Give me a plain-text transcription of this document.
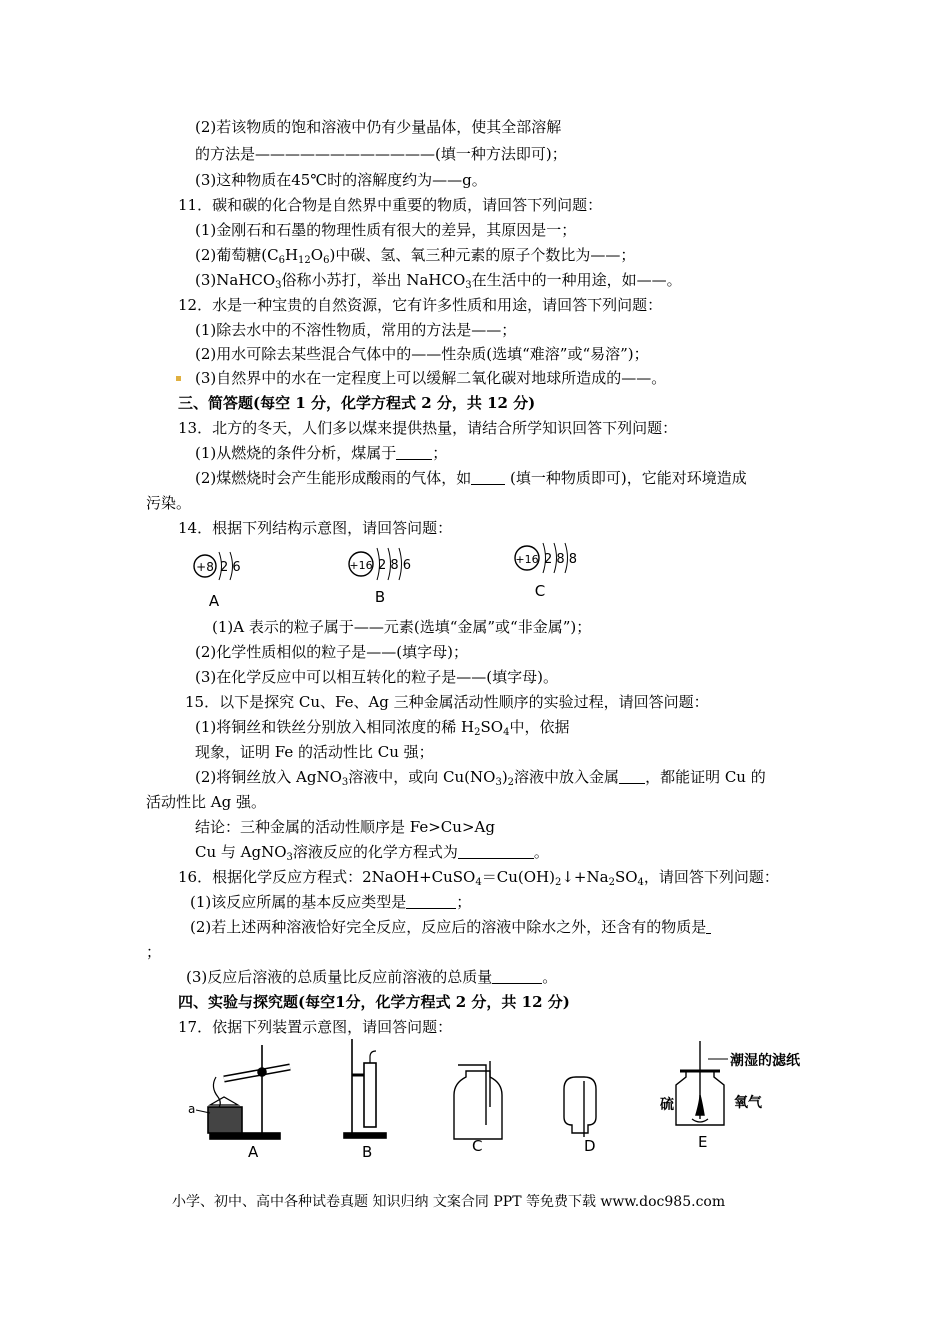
(2)若该物质的饱和溶液中仍有少量晶体，使其全部溶解
的方法是————————————(填一种方法即可)；
(3)这种物质在45℃时的溶解度约为——g。
11．碳和碳的化合物是自然界中重要的物质，请回答下列问题：
(1)金刚石和石墨的物理性质有很大的差异，其原因是一；
(2)葡萄糖$(C_6H_{12}O_6)$中碳、氢、氧三种元素的原子个数比为——；
(3)NaHCO$_3$俗称小苏打，举出 NaHCO$_3$在生活中的一种用途，如——。
12．水是一种宝贵的自然资源，它有许多性质和用途，请回答下列问题：
(1)除去水中的不溶性物质，常用的方法是——；
(2)用水可除去某些混合气体中的——性杂质(选填“难溶”或“易溶”)；
(3)自然界中的水在一定程度上可以缓解二氧化碳对地球所造成的——。
三、简答题(每空 1 分，化学方程式 2 分，共 12 分)
13．北方的冬天，人们多以煤来提供热量，请结合所学知识回答下列问题：
(1)从燃烧的条件分析，煤属于 ；
(2)煤燃烧时会产生能形成酸雨的气体，如	(填一种物质即可)，它能对环境造成
污染。
14．根据下列结构示意图，请回答问题：
+8 2 6
A
+16 2 8 6
B
+16 2 8 8
C
(1)A 表示的粒子属于——元素(选填“金属”或“非金属”)；
(2)化学性质相似的粒子是——(填字母)；
(3)在化学反应中可以相互转化的粒子是——(填字母)。
15．以下是探究 Cu、Fe、Ag 三种金属活动性顺序的实验过程，请回答问题：
(1)将铜丝和铁丝分别放入相同浓度的稀 $H_2SO_4$中，依据
现象，证明 Fe 的活动性比 Cu 强；
(2)将铜丝放入 AgNO$_3$溶液中，或向 $Cu(NO_3)_2$溶液中放入金属 ，都能证明 Cu 的
活动性比 Ag 强。
结论：三种金属的活动性顺序是 Fe>Cu>Ag
Cu 与 AgNO$_3$溶液反应的化学方程式为	。
16．根据化学反应方程式：$2NaOH+CuSO_4=Cu(OH)_2↓+Na_2SO_4$，请回答下列问题：
(1)该反应所属的基本反应类型是	；
(2)若上述两种溶液恰好完全反应，反应后的溶液中除水之外，还含有的物质是
；
(3)反应后溶液的总质量比反应前溶液的总质量	。
四、实验与探究题(每空1分，化学方程式 2 分，共 12 分)
17．依据下列装置示意图，请回答问题：
a
A	B	C	D
潮湿的滤纸
硫	氧气
E
小学、初中、高中各种试卷真题 知识归纳 文案合同 PPT 等免费下载 www.doc985.com
